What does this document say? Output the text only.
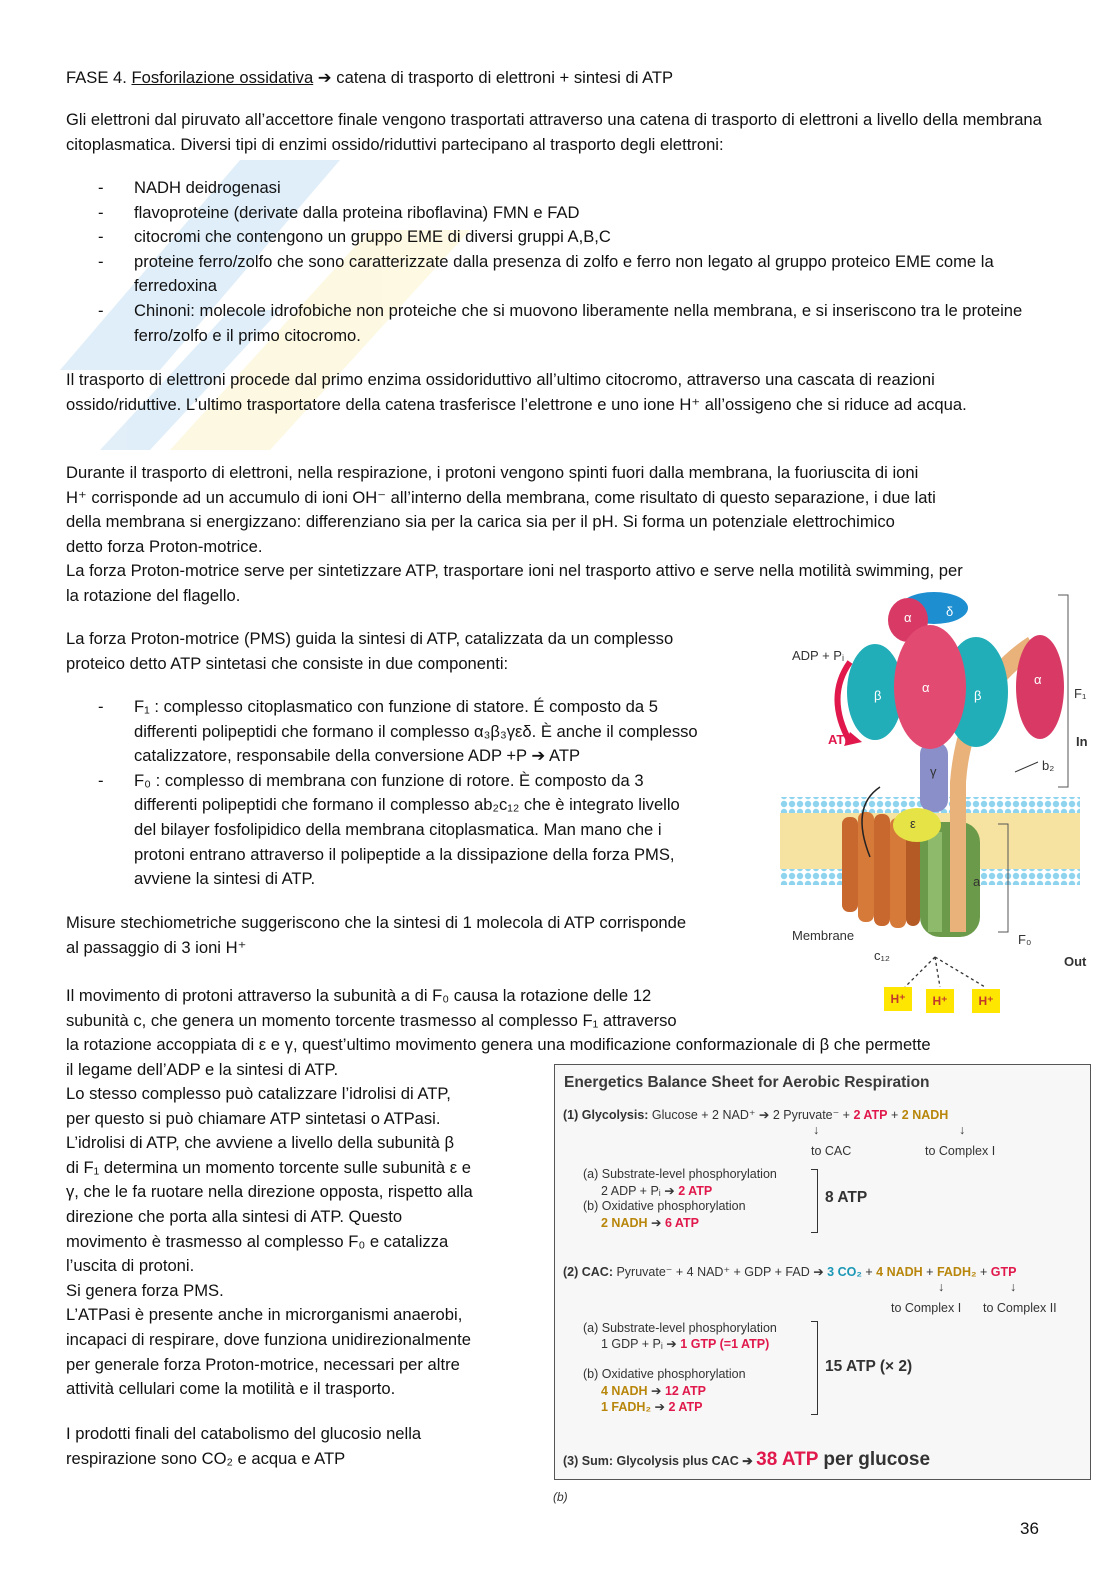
FASE 4. Fosforilazione ossidativa ➔ catena di trasporto di elettroni + sintesi di ATP

Gli elettroni dal piruvato all’accettore finale vengono trasportati attraverso una catena di trasporto di elettroni a livello della membrana citoplasmatica. Diversi tipi di enzimi ossido/riduttivi partecipano al trasporto degli elettroni:

- NADH deidrogenasi
- flavoproteine (derivate dalla proteina riboflavina) FMN e FAD
- citocromi che contengono un gruppo EME di diversi gruppi A,B,C
- proteine ferro/zolfo che sono caratterizzate dalla presenza di zolfo e ferro non legato al gruppo proteico EME come la ferredoxina
- Chinoni: molecole idrofobiche non proteiche che si muovono liberamente nella membrana, e si inseriscono tra le proteine ferro/zolfo e il primo citocromo.

Il trasporto di elettroni procede dal primo enzima ossidoriduttivo all’ultimo citocromo, attraverso una cascata di reazioni ossido/riduttive. L’ultimo trasportatore della catena trasferisce l’elettrone e uno ione H⁺ all’ossigeno che si riduce ad acqua.

Durante il trasporto di elettroni, nella respirazione, i protoni vengono spinti fuori dalla membrana, la fuoriuscita di ioni
H⁺ corrisponde ad un accumulo di ioni OH⁻ all’interno della membrana, come risultato di questo separazione, i due lati
della membrana si energizzano: differenziano sia per la carica sia per il pH. Si forma un potenziale elettrochimico
detto forza Proton-motrice.

La forza Proton-motrice serve per sintetizzare ATP, trasportare ioni nel trasporto attivo e serve nella motilità swimming, per la rotazione del flagello.

La forza Proton-motrice (PMS) guida la sintesi di ATP, catalizzata da un complesso
proteico detto ATP sintetasi che consiste in due componenti:
- F₁ : complesso citoplasmatico con funzione di statore. É composto da 5
differenti polipeptidi che formano il complesso α₃β₃γεδ. È anche il complesso
catalizzatore, responsabile della conversione ADP +P ➔ ATP
- F₀ : complesso di membrana con funzione di rotore. È composto da 3
differenti polipeptidi che formano il complesso ab₂c₁₂ che è integrato livello
del bilayer fosfolipidico della membrana citoplasmatica. Man mano che i
protoni entrano attraverso il polipeptide a la dissipazione della forza PMS,
avviene la sintesi di ATP.
Misure stechiometriche suggeriscono che la sintesi di 1 molecola di ATP corrisponde
al passaggio di 3 ioni H⁺
Il movimento di protoni attraverso la subunità a di F₀ causa la rotazione delle 12
subunità c, che genera un momento torcente trasmesso al complesso F₁ attraverso
la rotazione accoppiata di ε e γ, quest’ultimo movimento genera una modificazione conformazionale di β che permette
il legame dell’ADP e la sintesi di ATP.
Lo stesso complesso può catalizzare l’idrolisi di ATP,
per questo si può chiamare ATP sintetasi o ATPasi.
L’idrolisi di ATP, che avviene a livello della subunità β
di F₁ determina un momento torcente sulle subunità ε e
γ, che le fa ruotare nella direzione opposta, rispetto alla
direzione che porta alla sintesi di ATP. Questo
movimento è trasmesso al complesso F₀ e catalizza
l’uscita di protoni.
Si genera forza PMS.
L’ATPasi è presente anche in microrganismi anaerobi,
incapaci di respirare, dove funziona unidirezionalmente
per generale forza Proton-motrice, necessari per altre
attività cellulari come la motilità e il trasporto.
I prodotti finali del catabolismo del glucosio nella
respirazione sono CO₂ e acqua e ATP
ADP + Pᵢ
ATP
α	δ
β
α
β
α
γ
ε
a
F₁
In
b₂
Membrane
c₁₂
F₀
Out
H⁺	H⁺	H⁺
Energetics Balance Sheet for Aerobic Respiration
(1) Glycolysis: Glucose + 2 NAD⁺ ➔ 2 Pyruvate⁻ + 2 ATP + 2 NADH
↓	↓
to CAC	to Complex I
(a) Substrate-level phosphorylation
2 ADP + Pᵢ ➔ 2 ATP
(b) Oxidative phosphorylation
2 NADH ➔ 6 ATP
8 ATP
(2) CAC: Pyruvate⁻ + 4 NAD⁺ + GDP + FAD ➔ 3 CO₂ + 4 NADH + FADH₂ + GTP
↓	↓
to Complex I to Complex II
(a) Substrate-level phosphorylation
1 GDP + Pᵢ ➔ 1 GTP (=1 ATP)
(b) Oxidative phosphorylation
4 NADH ➔ 12 ATP
1 FADH₂ ➔ 2 ATP
15 ATP (× 2)
(3) Sum: Glycolysis plus CAC ➔ 38 ATP per glucose
(b)
36
